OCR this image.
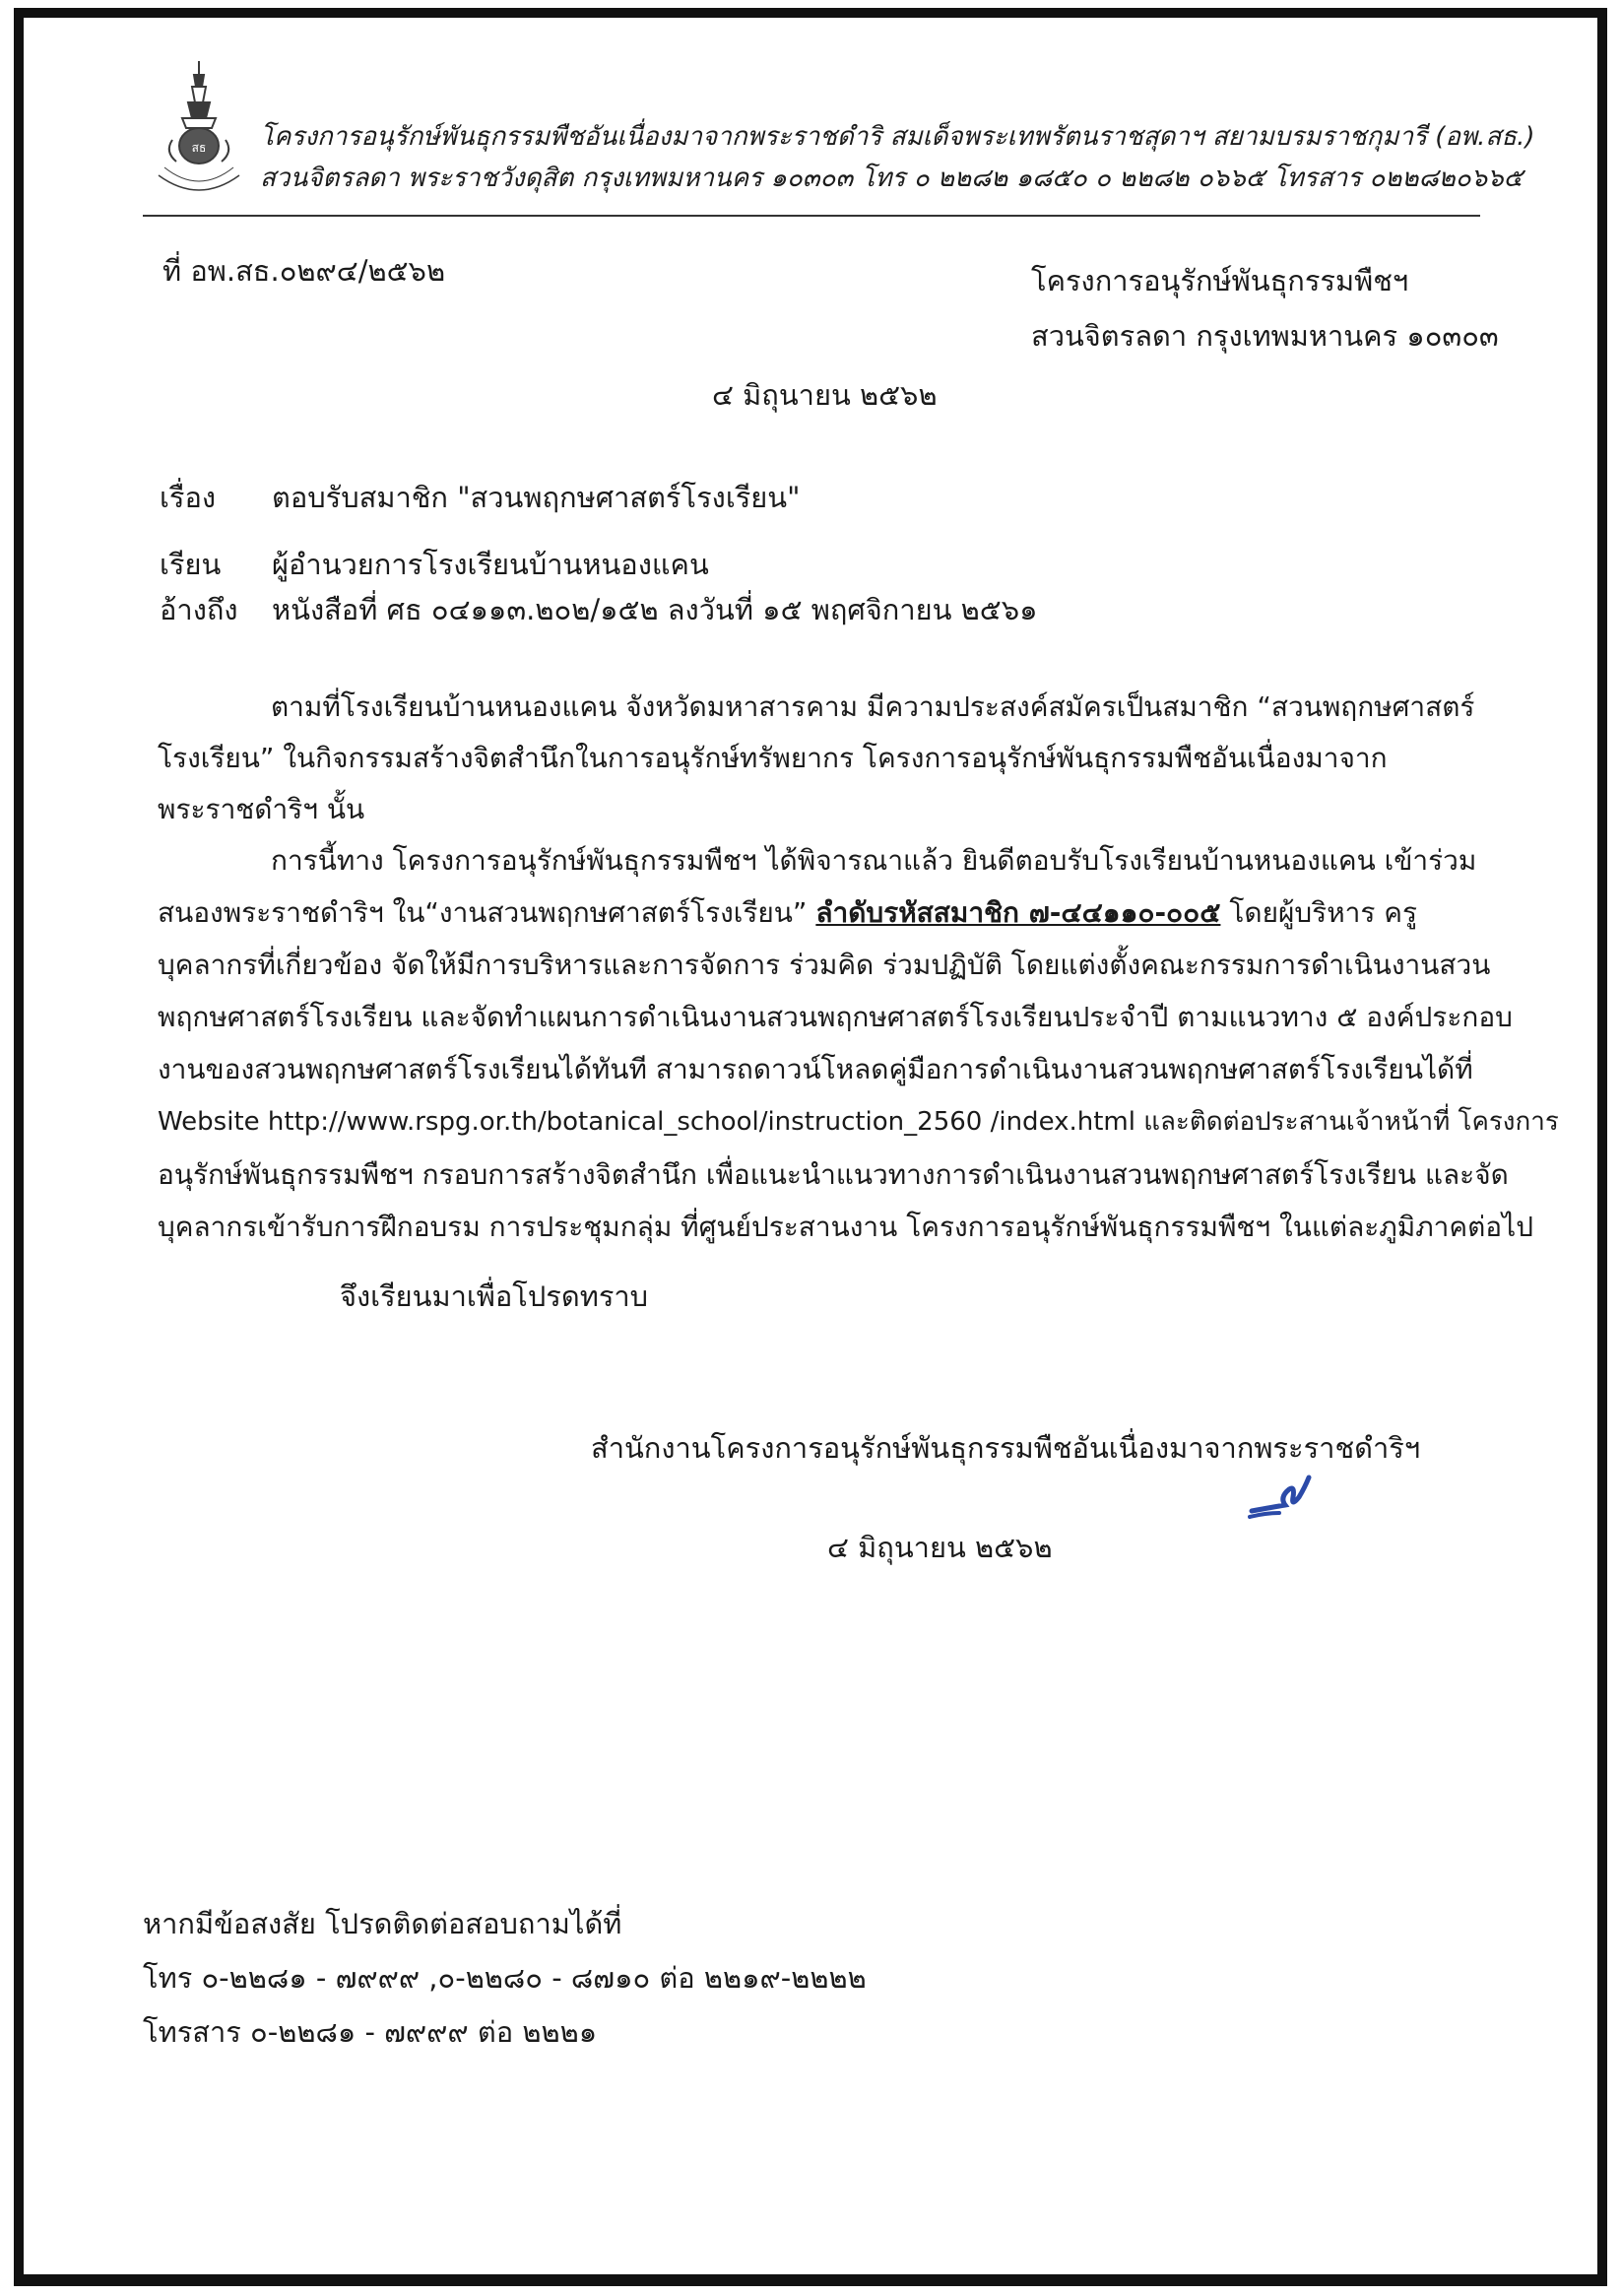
สธ โครงการอนุรักษ์พันธุกรรมพืชอันเนื่องมาจากพระราชดำริ สมเด็จพระเทพรัตนราชสุดาฯ สยามบรมราชกุมารี (อพ.สธ.)
สวนจิตรลดา พระราชวังดุสิต กรุงเทพมหานคร ๑๐๓๐๓ โทร ๐ ๒๒๘๒ ๑๘๕๐ ๐ ๒๒๘๒ ๐๖๖๕ โทรสาร ๐๒๒๘๒๐๖๖๕
ที่ อพ.สธ.๐๒๙๔/๒๕๖๒	โครงการอนุรักษ์พันธุกรรมพืชฯ
สวนจิตรลดา กรุงเทพมหานคร ๑๐๓๐๓
๔ มิถุนายน ๒๕๖๒
เรื่อง ตอบรับสมาชิก "สวนพฤกษศาสตร์โรงเรียน"
เรียน ผู้อำนวยการโรงเรียนบ้านหนองแคน
อ้างถึง หนังสือที่ ศธ ๐๔๑๑๓.๒๐๒/๑๕๒ ลงวันที่ ๑๕ พฤศจิกายน ๒๕๖๑
ตามที่โรงเรียนบ้านหนองแคน จังหวัดมหาสารคาม มีความประสงค์สมัครเป็นสมาชิก “สวนพฤกษศาสตร์
โรงเรียน” ในกิจกรรมสร้างจิตสำนึกในการอนุรักษ์ทรัพยากร โครงการอนุรักษ์พันธุกรรมพืชอันเนื่องมาจาก
พระราชดำริฯ นั้น
การนี้ทาง โครงการอนุรักษ์พันธุกรรมพืชฯ ได้พิจารณาแล้ว ยินดีตอบรับโรงเรียนบ้านหนองแคน เข้าร่วม
สนองพระราชดำริฯ ใน“งานสวนพฤกษศาสตร์โรงเรียน” ลำดับรหัสสมาชิก ๗-๔๔๑๑๐-๐๐๕ โดยผู้บริหาร ครู
บุคลากรที่เกี่ยวข้อง จัดให้มีการบริหารและการจัดการ ร่วมคิด ร่วมปฏิบัติ โดยแต่งตั้งคณะกรรมการดำเนินงานสวน
พฤกษศาสตร์โรงเรียน และจัดทำแผนการดำเนินงานสวนพฤกษศาสตร์โรงเรียนประจำปี ตามแนวทาง ๕ องค์ประกอบ
งานของสวนพฤกษศาสตร์โรงเรียนได้ทันที สามารถดาวน์โหลดคู่มือการดำเนินงานสวนพฤกษศาสตร์โรงเรียนได้ที่
Website http://www.rspg.or.th/botanical_school/instruction_2560 /index.html และติดต่อประสานเจ้าหน้าที่ โครงการ
อนุรักษ์พันธุกรรมพืชฯ กรอบการสร้างจิตสำนึก เพื่อแนะนำแนวทางการดำเนินงานสวนพฤกษศาสตร์โรงเรียน และจัด
บุคลากรเข้ารับการฝึกอบรม การประชุมกลุ่ม ที่ศูนย์ประสานงาน โครงการอนุรักษ์พันธุกรรมพืชฯ ในแต่ละภูมิภาคต่อไป
จึงเรียนมาเพื่อโปรดทราบ
สำนักงานโครงการอนุรักษ์พันธุกรรมพืชอันเนื่องมาจากพระราชดำริฯ
๔ มิถุนายน ๒๕๖๒
หากมีข้อสงสัย โปรดติดต่อสอบถามได้ที่
โทร ๐-๒๒๘๑ - ๗๙๙๙ ,๐-๒๒๘๐ - ๘๗๑๐ ต่อ ๒๒๑๙-๒๒๒๒
โทรสาร ๐-๒๒๘๑ - ๗๙๙๙ ต่อ ๒๒๒๑
